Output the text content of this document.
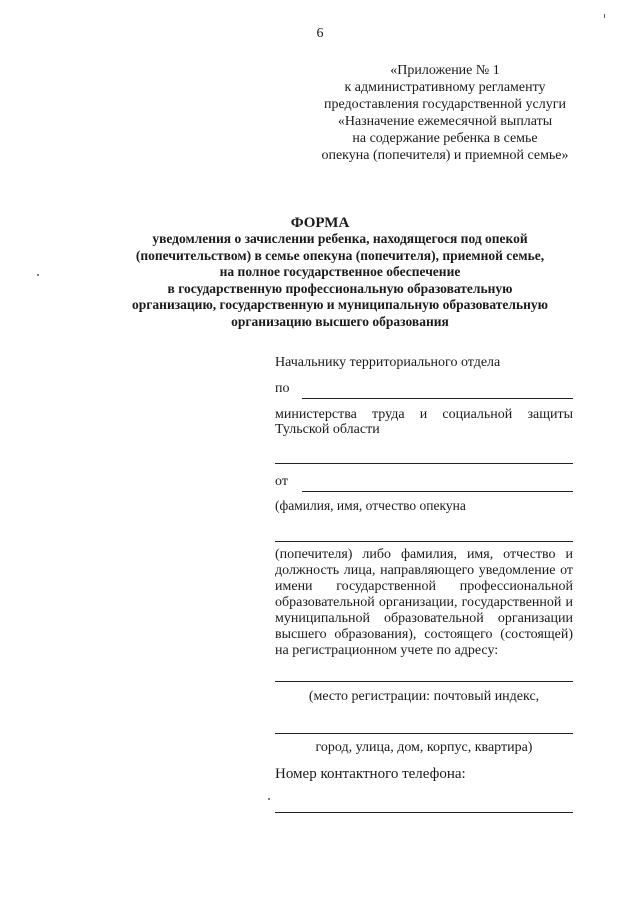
6
«Приложение № 1
к административному регламенту
предоставления государственной услуги
«Назначение ежемесячной выплаты
на содержание ребенка в семье
опекуна (попечителя) и приемной семье»
ФОРМА
уведомления о зачислении ребенка, находящегося под опекой
(попечительством) в семье опекуна (попечителя), приемной семье,
на полное государственное обеспечение
в государственную профессиональную образовательную
организацию, государственную и муниципальную образовательную
организацию высшего образования
Начальнику территориального отдела
по
министерства труда и социальной защиты
Тульской области
от
(фамилия, имя, отчество опекуна
(попечителя) либо фамилия, имя, отчество и
должность лица, направляющего уведомление от
имени государственной профессиональной
образовательной организации, государственной и
муниципальной образовательной организации
высшего образования), состоящего (состоящей)
на регистрационном учете по адресу:
(место регистрации: почтовый индекс,
город, улица, дом, корпус, квартира)
Номер контактного телефона:
